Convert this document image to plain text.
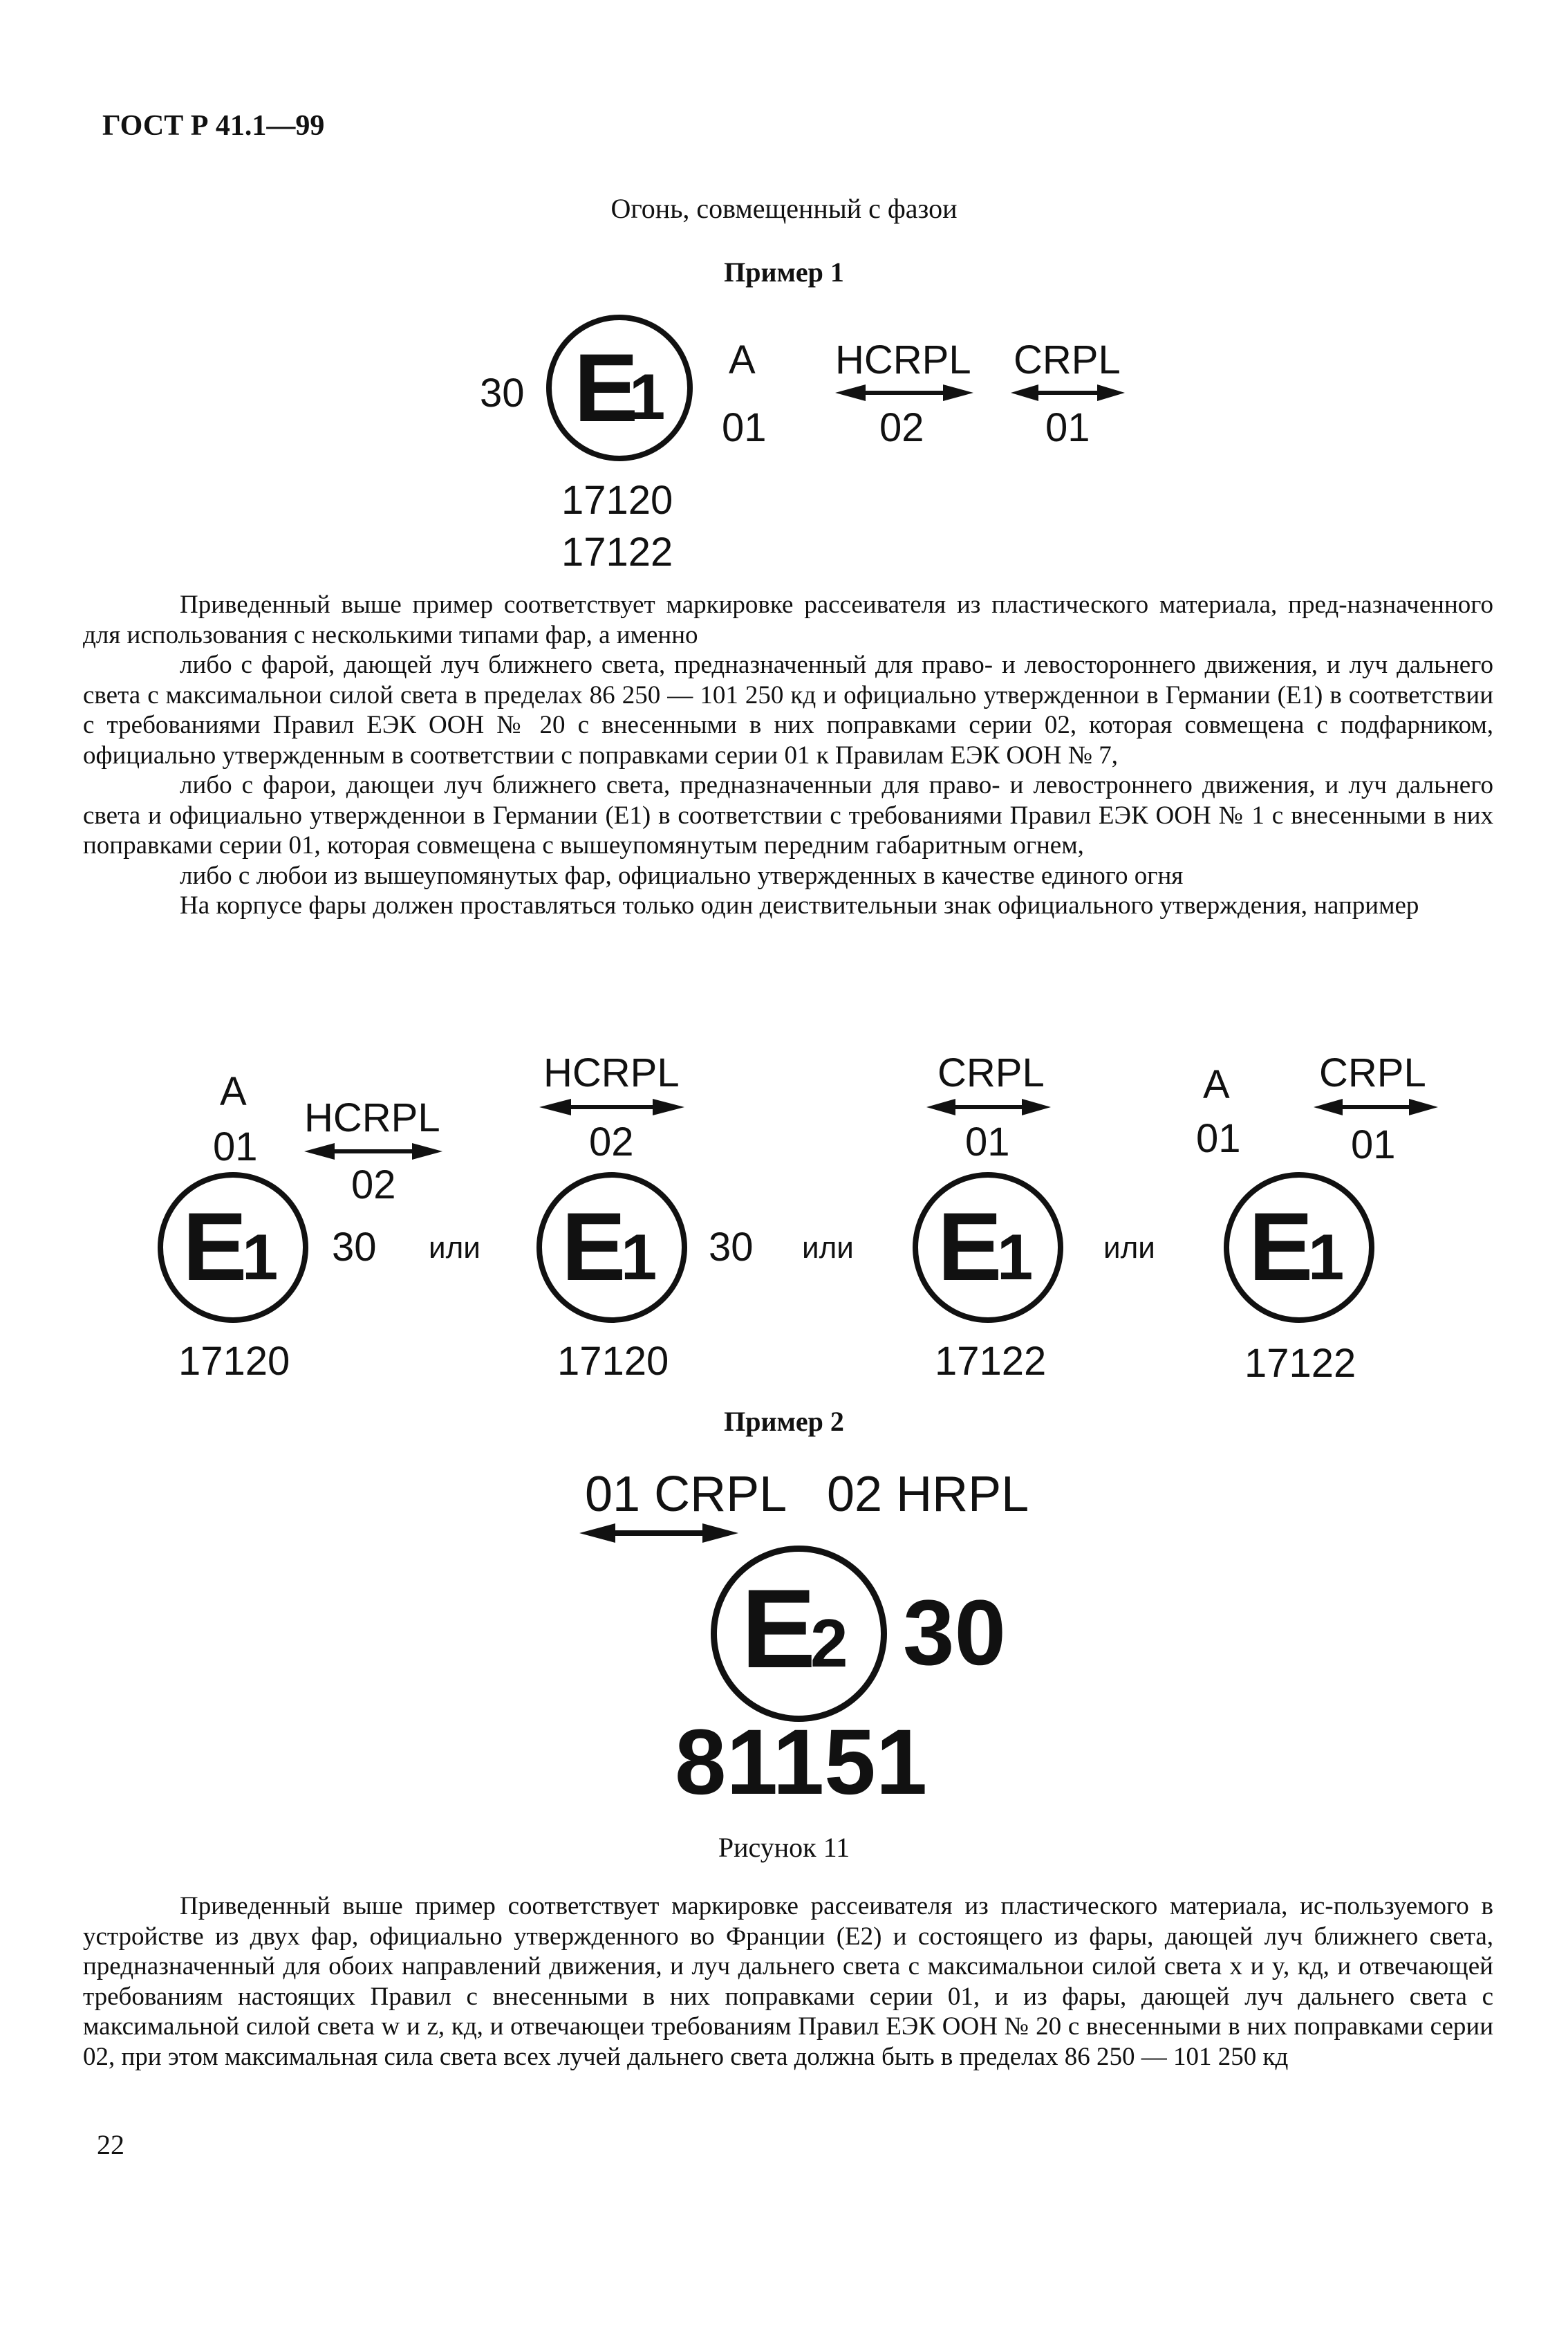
ГОСТ Р 41.1—99
Огонь, совмещенный с фазои
Пример 1
30 E
1
A
01
HCRPL
02
CRPL
01
17120
17122

Приведенный выше пример соответствует маркировке рассеивателя из пластического материала, пред-назначенного для использования с несколькими типами фар, а именно

либо с фарой, дающей луч ближнего света, предназначенный для право- и левостороннего движения, и луч дальнего света с максимальнои силой света в пределах 86 250 — 101 250 кд и официально утвержденнои в Германии (E1) в соответствии с требованиями Правил ЕЭК ООН № 20 с внесенными в них поправками серии 02, которая совмещена с подфарником, официально утвержденным в соответствии с поправками серии 01 к Правилам ЕЭК ООН № 7,

либо с фарои, дающеи луч ближнего света, предназначенныи для право- и левостроннего движения, и луч дальнего света и официально утвержденнои в Германии (E1) в соответствии с требованиями Правил ЕЭК ООН № 1 с внесенными в них поправками серии 01, которая совмещена с вышеупомянутым передним габаритным огнем,

либо с любои из вышеупомянутых фар, официально утвержденных в качестве единого огня

На корпусе фары должен проставляться только один деиствительныи знак официального утверждения, например

A
01
HCRPL
02
E
1 30
17120
или
HCRPL
02
E
1 30
17120
или
CRPL
01
E
1
17122
или
A
01
CRPL
01
E
1
17122
Пример 2
01 CRPL 02 HRPL
E
2 30
81151
Рисунок 11

Приведенный выше пример соответствует маркировке рассеивателя из пластического материала, ис-пользуемого в устройстве из двух фар, официально утвержденного во Франции (E2) и состоящего из фары, дающей луч ближнего света, предназначенный для обоих направлений движения, и луч дальнего света с максимальнои силой света x и y, кд, и отвечающей требованиям настоящих Правил с внесенными в них поправками серии 01, и из фары, дающей луч дальнего света с максимальной силой света w и z, кд, и отвечающеи требованиям Правил ЕЭК ООН № 20 с внесенными в них поправками серии 02, при этом максимальная сила света всех лучей дальнего света должна быть в пределах 86 250 — 101 250 кд

22
